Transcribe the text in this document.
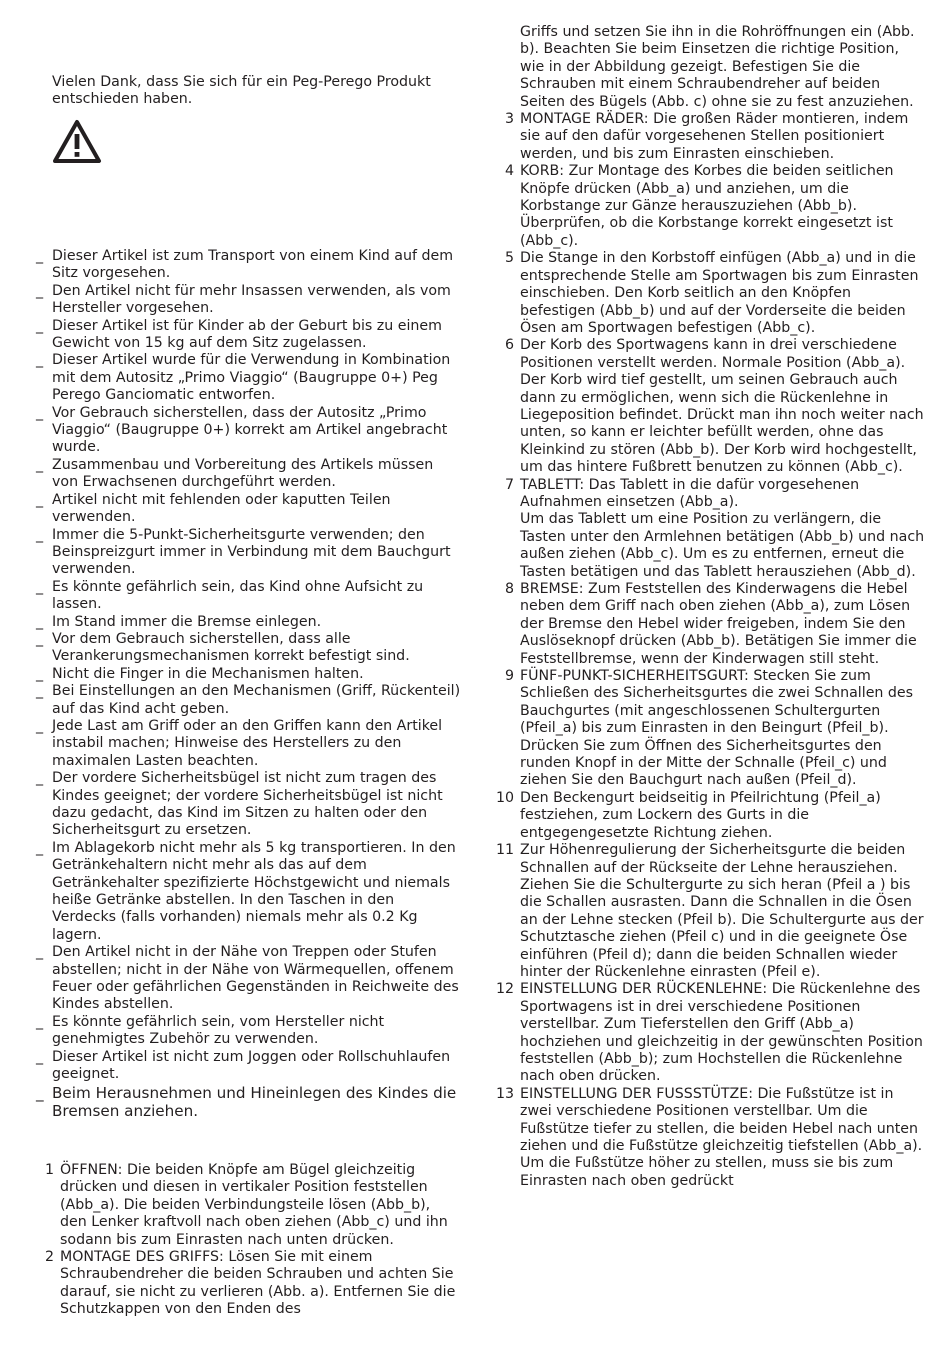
Vielen Dank, dass Sie sich für ein Peg-Perego Produkt entschieden haben.
_ Dieser Artikel ist zum Transport von einem Kind auf dem Sitz vorgesehen.
_ Den Artikel nicht für mehr Insassen verwenden, als vom Hersteller vorgesehen.
_ Dieser Artikel ist für Kinder ab der Geburt bis zu einem Gewicht von 15 kg auf dem Sitz zugelassen.
_ Dieser Artikel wurde für die Verwendung in Kombination mit dem Autositz „Primo Viaggio“ (Baugruppe 0+) Peg Perego Ganciomatic entworfen.
_ Vor Gebrauch sicherstellen, dass der Autositz „Primo Viaggio“ (Baugruppe 0+) korrekt am Artikel angebracht wurde.
_ Zusammenbau und Vorbereitung des Artikels müssen von Erwachsenen durchgeführt werden.
_ Artikel nicht mit fehlenden oder kaputten Teilen verwenden.
_ Immer die 5-Punkt-Sicherheitsgurte verwenden; den Beinspreizgurt immer in Verbindung mit dem Bauchgurt verwenden.
_ Es könnte gefährlich sein, das Kind ohne Aufsicht zu lassen.
_ Im Stand immer die Bremse einlegen.
_ Vor dem Gebrauch sicherstellen, dass alle Verankerungsmechanismen korrekt befestigt sind.
_ Nicht die Finger in die Mechanismen halten.
_ Bei Einstellungen an den Mechanismen (Griff, Rückenteil) auf das Kind acht geben.
_ Jede Last am Griff oder an den Griffen kann den Artikel instabil machen; Hinweise des Herstellers zu den maximalen Lasten beachten.
_ Der vordere Sicherheitsbügel ist nicht zum tragen des Kindes geeignet; der vordere Sicherheitsbügel ist nicht dazu gedacht, das Kind im Sitzen zu halten oder den Sicherheitsgurt zu ersetzen.
_ Im Ablagekorb nicht mehr als 5 kg transportieren. In den Getränkehaltern nicht mehr als das auf dem Getränkehalter spezifizierte Höchstgewicht und niemals heiße Getränke abstellen. In den Taschen in den Verdecks (falls vorhanden) niemals mehr als 0.2 Kg lagern.
_ Den Artikel nicht in der Nähe von Treppen oder Stufen abstellen; nicht in der Nähe von Wärmequellen, offenem Feuer oder gefährlichen Gegenständen in Reichweite des Kindes abstellen.
_ Es könnte gefährlich sein, vom Hersteller nicht genehmigtes Zubehör zu verwenden.
_ Dieser Artikel ist nicht zum Joggen oder Rollschuhlaufen geeignet.
_ Beim Herausnehmen und Hineinlegen des Kindes die Bremsen anziehen.
1 ÖFFNEN: Die beiden Knöpfe am Bügel gleichzeitig drücken und diesen in vertikaler Position feststellen (Abb_a). Die beiden Verbindungsteile lösen (Abb_b), den Lenker kraftvoll nach oben ziehen (Abb_c) und ihn sodann bis zum Einrasten nach unten drücken.
2 MONTAGE DES GRIFFS: Lösen Sie mit einem Schraubendreher die beiden Schrauben und achten Sie darauf, sie nicht zu verlieren (Abb. a). Entfernen Sie die Schutzkappen von den Enden des
Griffs und setzen Sie ihn in die Rohröffnungen ein (Abb. b). Beachten Sie beim Einsetzen die richtige Position, wie in der Abbildung gezeigt. Befestigen Sie die Schrauben mit einem Schraubendreher auf beiden Seiten des Bügels (Abb. c) ohne sie zu fest anzuziehen.
3 MONTAGE RÄDER: Die großen Räder montieren, indem sie auf den dafür vorgesehenen Stellen positioniert werden, und bis zum Einrasten einschieben.
4 KORB: Zur Montage des Korbes die beiden seitlichen Knöpfe drücken (Abb_a) und anziehen, um die Korbstange zur Gänze herauszuziehen (Abb_b). Überprüfen, ob die Korbstange korrekt eingesetzt ist (Abb_c).
5 Die Stange in den Korbstoff einfügen (Abb_a) und in die entsprechende Stelle am Sportwagen bis zum Einrasten einschieben. Den Korb seitlich an den Knöpfen befestigen (Abb_b) und auf der Vorderseite die beiden Ösen am Sportwagen befestigen (Abb_c).
6 Der Korb des Sportwagens kann in drei verschiedene Positionen verstellt werden. Normale Position (Abb_a). Der Korb wird tief gestellt, um seinen Gebrauch auch dann zu ermöglichen, wenn sich die Rückenlehne in Liegeposition befindet. Drückt man ihn noch weiter nach unten, so kann er leichter befüllt werden, ohne das Kleinkind zu stören (Abb_b). Der Korb wird hochgestellt, um das hintere Fußbrett benutzen zu können (Abb_c).
7 TABLETT: Das Tablett in die dafür vorgesehenen Aufnahmen einsetzen (Abb_a).
Um das Tablett um eine Position zu verlängern, die Tasten unter den Armlehnen betätigen (Abb_b) und nach außen ziehen (Abb_c). Um es zu entfernen, erneut die Tasten betätigen und das Tablett herausziehen (Abb_d).
8 BREMSE: Zum Feststellen des Kinderwagens die Hebel neben dem Griff nach oben ziehen (Abb_a), zum Lösen der Bremse den Hebel wider freigeben, indem Sie den Auslöseknopf drücken (Abb_b). Betätigen Sie immer die Feststellbremse, wenn der Kinderwagen still steht.
9 FÜNF-PUNKT-SICHERHEITSGURT: Stecken Sie zum Schließen des Sicherheitsgurtes die zwei Schnallen des Bauchgurtes (mit angeschlossenen Schultergurten (Pfeil_a) bis zum Einrasten in den Beingurt (Pfeil_b). Drücken Sie zum Öffnen des Sicherheitsgurtes den runden Knopf in der Mitte der Schnalle (Pfeil_c) und ziehen Sie den Bauchgurt nach außen (Pfeil_d).
10 Den Beckengurt beidseitig in Pfeilrichtung (Pfeil_a) festziehen, zum Lockern des Gurts in die entgegengesetzte Richtung ziehen.
11 Zur Höhenregulierung der Sicherheitsgurte die beiden Schnallen auf der Rückseite der Lehne herausziehen.
Ziehen Sie die Schultergurte zu sich heran (Pfeil a ) bis die Schallen ausrasten. Dann die Schnallen in die Ösen an der Lehne stecken (Pfeil b). Die Schultergurte aus der Schutztasche ziehen (Pfeil c) und in die geeignete Öse einführen (Pfeil d); dann die beiden Schnallen wieder hinter der Rückenlehne einrasten (Pfeil e).
12 EINSTELLUNG DER RÜCKENLEHNE: Die Rückenlehne des Sportwagens ist in drei verschiedene Positionen verstellbar. Zum Tieferstellen den Griff (Abb_a) hochziehen und gleichzeitig in der gewünschten Position feststellen (Abb_b); zum Hochstellen die Rückenlehne nach oben drücken.
13 EINSTELLUNG DER FUSSSTÜTZE: Die Fußstütze ist in zwei verschiedene Positionen verstellbar. Um die Fußstütze tiefer zu stellen, die beiden Hebel nach unten ziehen und die Fußstütze gleichzeitig tiefstellen (Abb_a). Um die Fußstütze höher zu stellen, muss sie bis zum Einrasten nach oben gedrückt
